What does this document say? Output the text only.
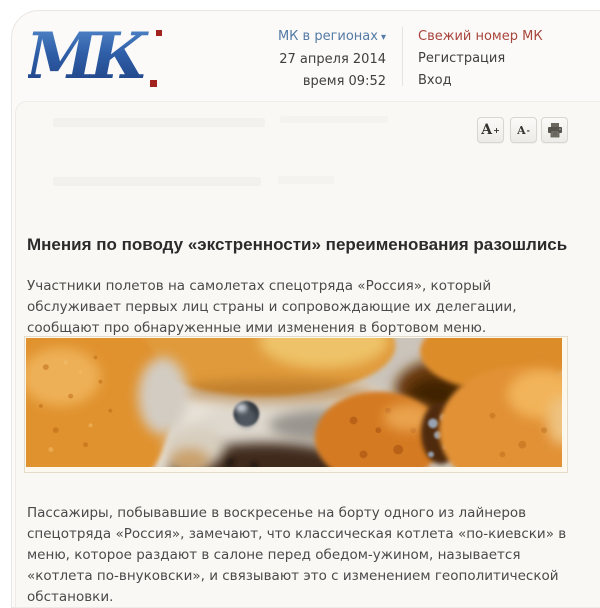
МК	МК в регионах ▾
27 апреля 2014
время 09:52
Свежий номер МК
Регистрация
Вход
A + A -
Мнения по поводу «экстренности» переименования разошлись

Участники полетов на самолетах спецотряда «Россия», который обслуживает первых лиц страны и сопровождающие их делегации, сообщают про обнаруженные ими изменения в бортовом меню.

Пассажиры, побывавшие в воскресенье на борту одного из лайнеров спецотряда «Россия», замечают, что классическая котлета «по-киевски» в меню, которое раздают в салоне перед обедом-ужином, называется «котлета по-внуковски», и связывают это с изменением геополитической обстановки.
